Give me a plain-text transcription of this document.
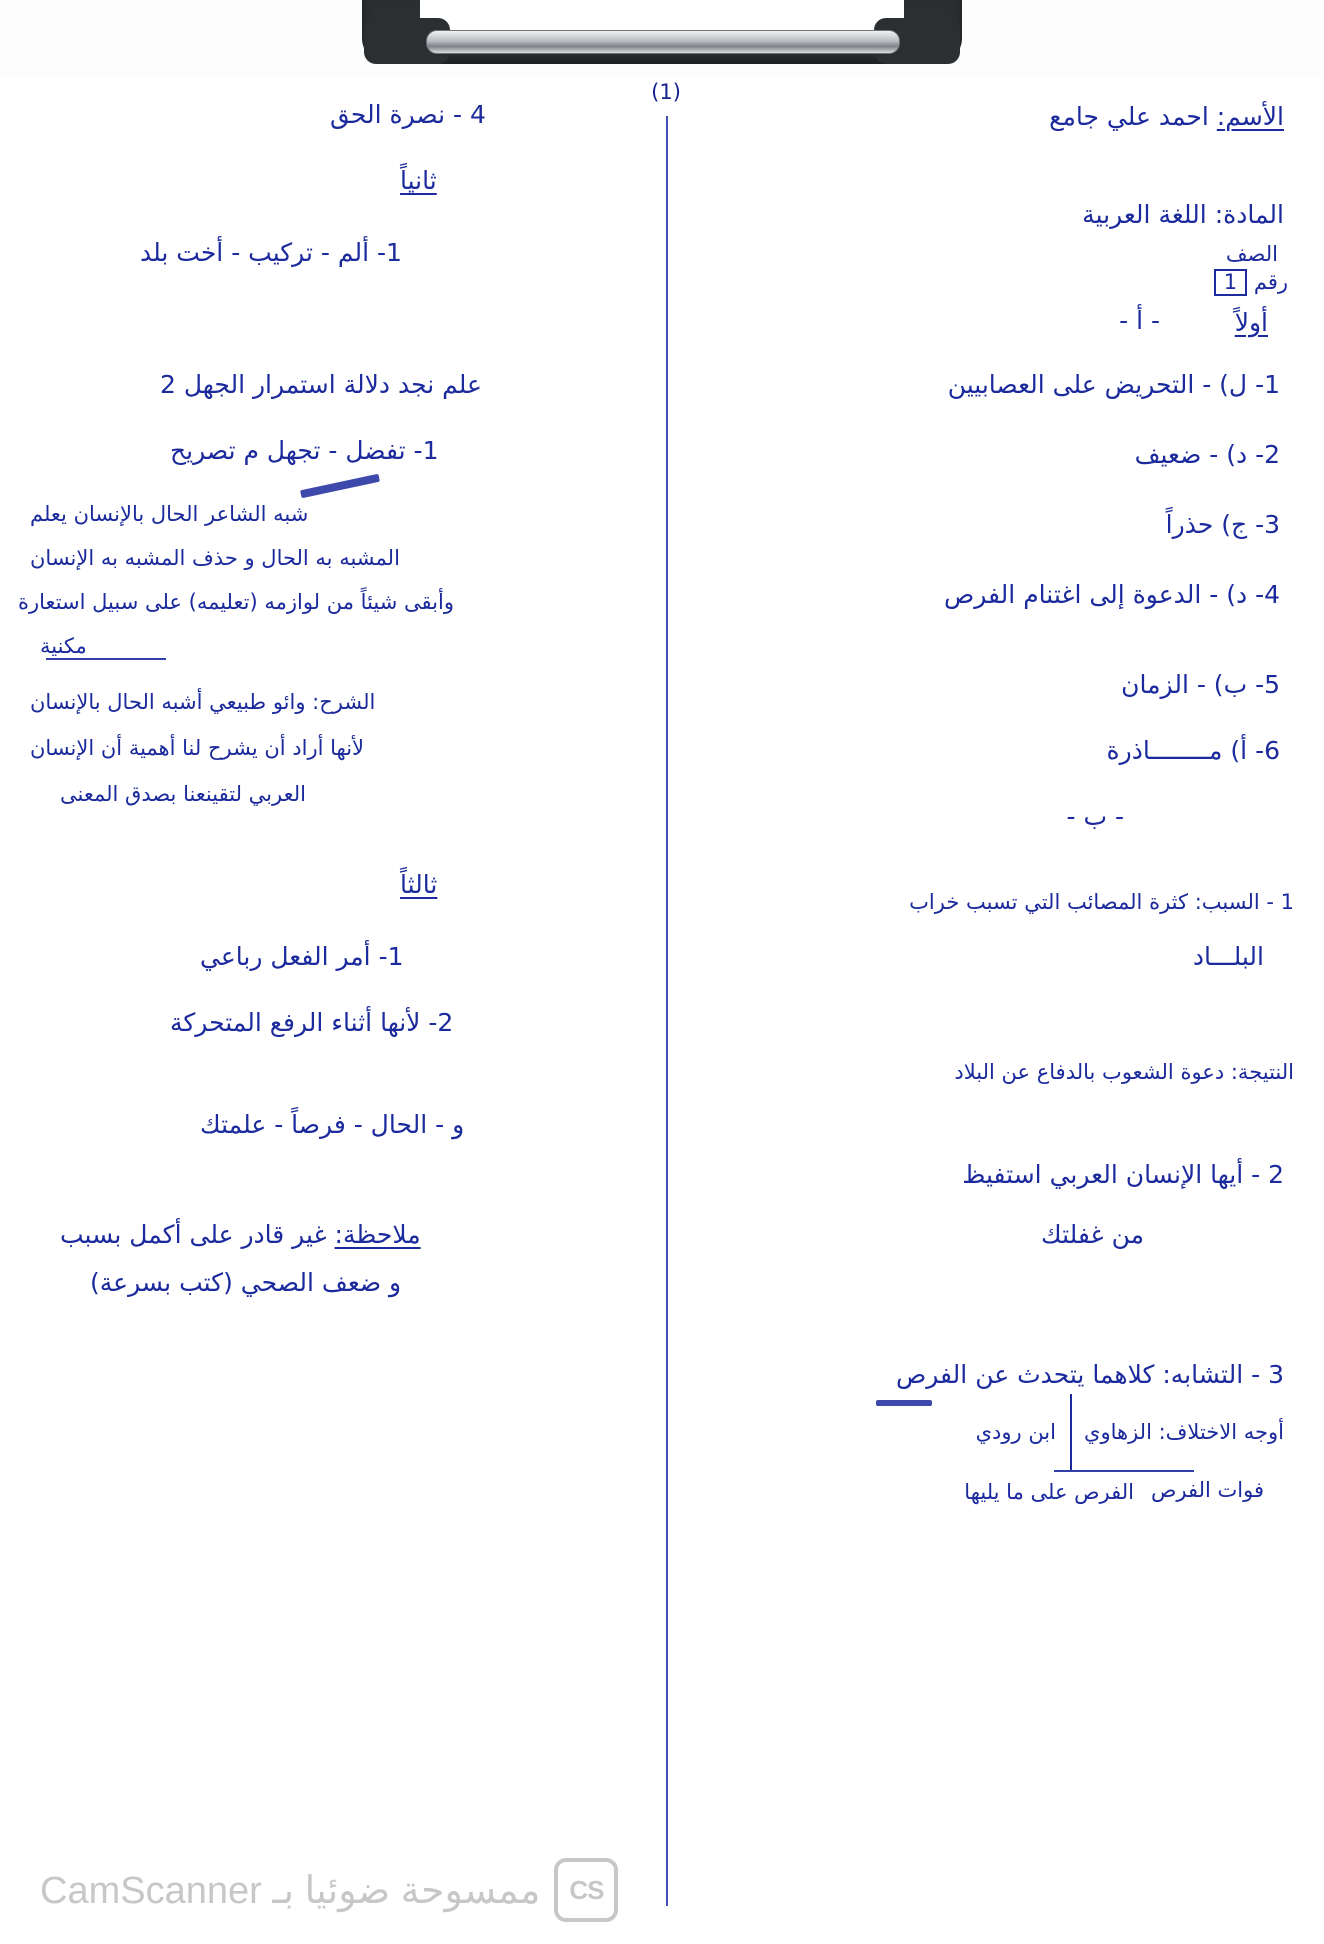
(1)
الأسم: احمد علي جامع
المادة: اللغة العربية
الصف
رقم 1
أولاً
- أ -
1- ل) - التحريض على العصابيين
2- د) - ضعيف
3- ج) حذراً
4- د) - الدعوة إلى اغتنام الفرص
5- ب) - الزمان
6- أ) مــــــــاذرة
- ب -
1 - السبب: كثرة المصائب التي تسبب خراب
البلـــاد
النتيجة: دعوة الشعوب بالدفاع عن البلاد
2 - أيها الإنسان العربي استفيظ
من غفلتك
3 - التشابه: كلاهما يتحدث عن الفرص
أوجه الاختلاف: الزهاوي
فوات الفرص
ابن رودي
الفرص على ما يليها
4 - نصرة الحق
ثانياً
1- ألم - تركيب - أخت بلد
علم نجد دلالة استمرار الجهل 2
1- تفضل - تجهل م تصريح
شبه الشاعر الحال بالإنسان يعلم
المشبه به الحال و حذف المشبه به الإنسان
وأبقى شيئاً من لوازمه (تعليمه) على سبيل استعارة
مكنية
الشرح: وائو طبيعي أشبه الحال بالإنسان
لأنها أراد أن يشرح لنا أهمية أن الإنسان
العربي لتقينعنا بصدق المعنى
ثالثاً
1- أمر الفعل رباعي
2- لأنها أثناء الرفع المتحركة
و - الحال - فرصاً - علمتك
ملاحظة: غير قادر على أكمل بسبب
و ضعف الصحي (كتب بسرعة)
CS
ممسوحة ضوئيا بـ CamScanner
